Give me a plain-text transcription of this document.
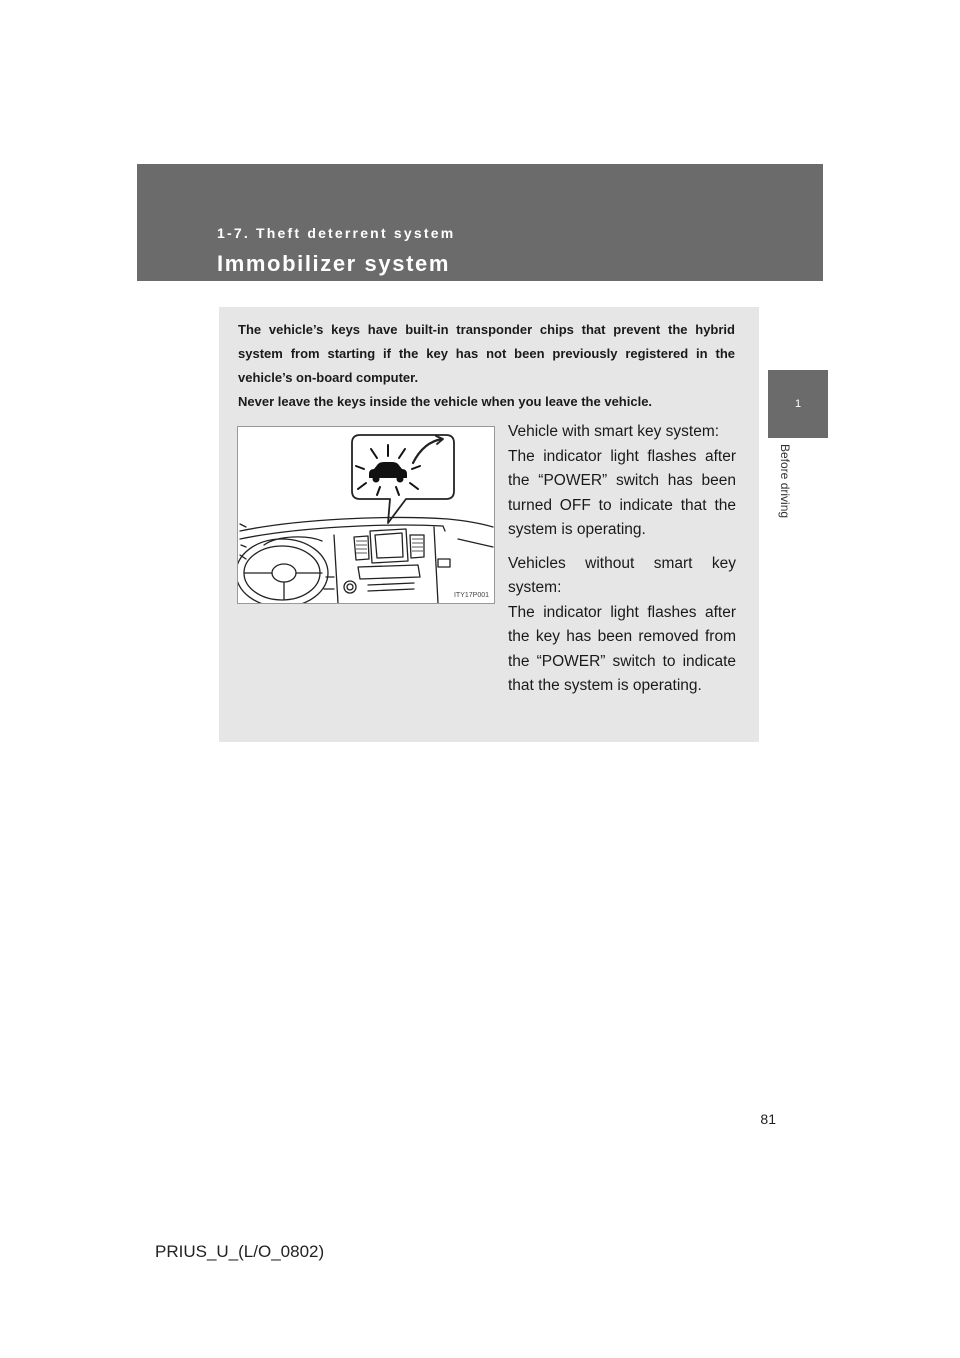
1-7. Theft deterrent system
Immobilizer system
1
Before driving

The vehicle’s keys have built-in transponder chips that prevent the hybrid system from starting if the key has not been previously registered in the vehicle’s on-board computer.

Never leave the keys inside the vehicle when you leave the vehicle.

ITY17P001
Vehicle with smart key system:
The indicator light flashes after the “POWER” switch has been turned OFF to indicate that the system is operating.
Vehicles without smart key system:
The indicator light flashes after the key has been removed from the “POWER” switch to indicate that the system is operating.
81
PRIUS_U_(L/O_0802)
